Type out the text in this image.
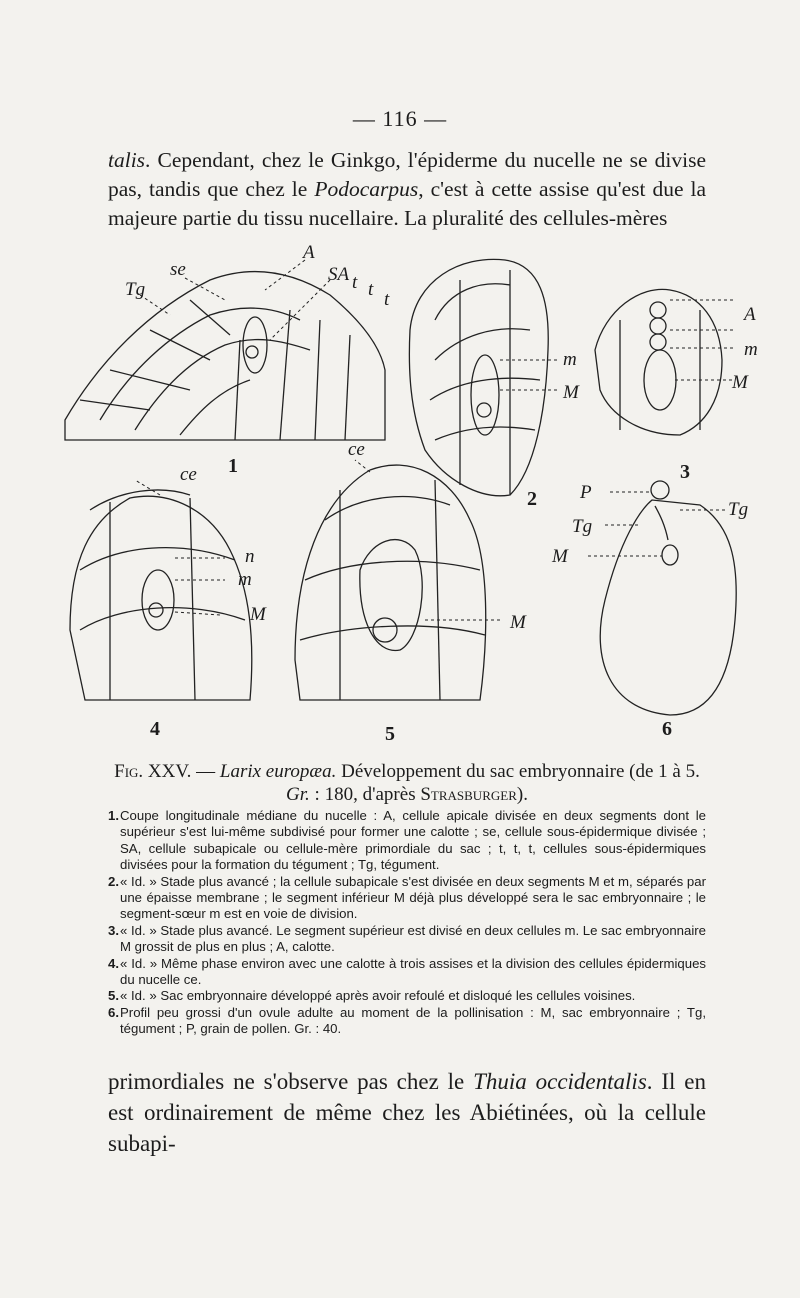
— 116 —
talis. Cependant, chez le Ginkgo, l'épiderme du nucelle ne se divise pas, tandis que chez le Podocarpus, c'est à cette assise qu'est due la majeure partie du tissu nucellaire. La pluralité des cellules-mères
se
Tg
A
SA t t t
1
m
M
2
A
m
M
3
ce
n
m
M
4
ce
M
5
P
Tg
Tg
M
6
Fig. XXV. — Larix europæa. Développement du sac embryonnaire (de 1 à 5.
Gr. : 180, d'après Strasburger).
1. Coupe longitudinale médiane du nucelle : A, cellule apicale divisée en deux segments dont le supérieur s'est lui-même subdivisé pour former une calotte ; se, cellule sous-épidermique divisée ; SA, cellule subapicale ou cellule-mère primordiale du sac ; t, t, t, cellules sous-épidermiques divisées pour la formation du tégument ; Tg, tégument.
2. « Id. » Stade plus avancé ; la cellule subapicale s'est divisée en deux segments M et m, séparés par une épaisse membrane ; le segment inférieur M déjà plus développé sera le sac embryonnaire ; le segment-sœur m est en voie de division.
3. « Id. » Stade plus avancé. Le segment supérieur est divisé en deux cellules m. Le sac embryonnaire M grossit de plus en plus ; A, calotte.
4. « Id. » Même phase environ avec une calotte à trois assises et la division des cellules épidermiques du nucelle ce.
5. « Id. » Sac embryonnaire développé après avoir refoulé et disloqué les cellules voisines.
6. Profil peu grossi d'un ovule adulte au moment de la pollinisation : M, sac embryonnaire ; Tg, tégument ; P, grain de pollen. Gr. : 40.
primordiales ne s'observe pas chez le Thuia occidentalis. Il en est ordinairement de même chez les Abiétinées, où la cellule subapi-
